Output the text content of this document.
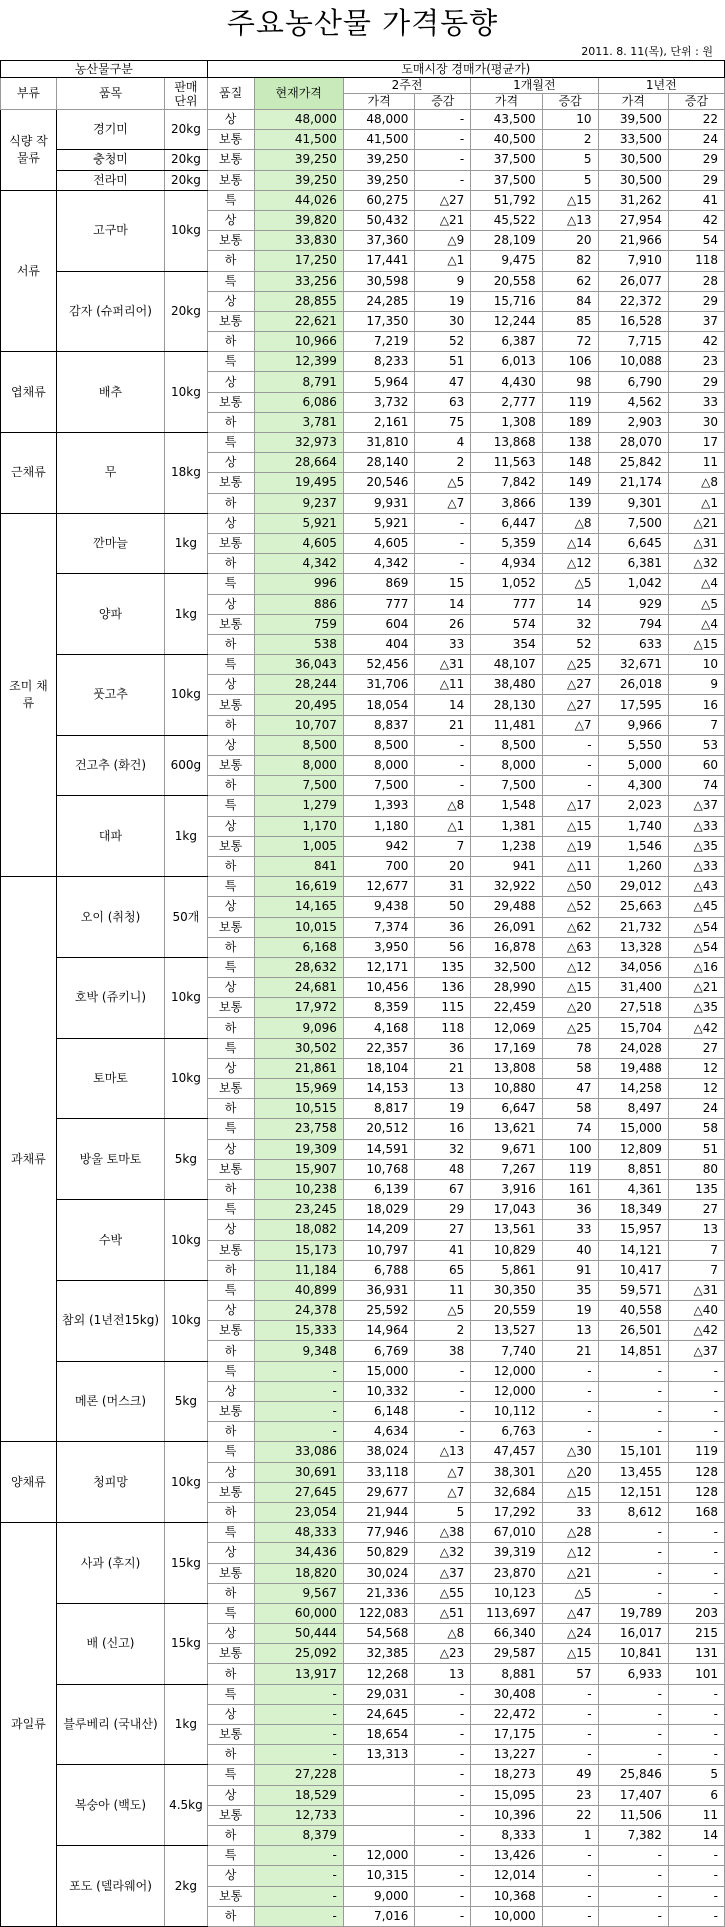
주요농산물 가격동향
2011. 8. 11(목), 단위 : 원
농산물구분			도매시장 경매가(평균가)							
부류	품목	판매 단위	품질	현재가격	2주전		1개월전		1년전	
					가격	증감	가격	증감	가격	증감
식량 작물류	경기미	20kg	상	48,000	48,000	-	43,500	10	39,500	22
			보통	41,500	41,500	-	40,500	2	33,500	24
	충청미	20kg	보통	39,250	39,250	-	37,500	5	30,500	29
	전라미	20kg	보통	39,250	39,250	-	37,500	5	30,500	29
서류	고구마	10kg	특	44,026	60,275	△27	51,792	△15	31,262	41
			상	39,820	50,432	△21	45,522	△13	27,954	42
			보통	33,830	37,360	△9	28,109	20	21,966	54
			하	17,250	17,441	△1	9,475	82	7,910	118
	감자 (슈퍼리어)	20kg	특	33,256	30,598	9	20,558	62	26,077	28
			상	28,855	24,285	19	15,716	84	22,372	29
			보통	22,621	17,350	30	12,244	85	16,528	37
			하	10,966	7,219	52	6,387	72	7,715	42
엽채류	배추	10kg	특	12,399	8,233	51	6,013	106	10,088	23
			상	8,791	5,964	47	4,430	98	6,790	29
			보통	6,086	3,732	63	2,777	119	4,562	33
			하	3,781	2,161	75	1,308	189	2,903	30
근채류	무	18kg	특	32,973	31,810	4	13,868	138	28,070	17
			상	28,664	28,140	2	11,563	148	25,842	11
			보통	19,495	20,546	△5	7,842	149	21,174	△8
			하	9,237	9,931	△7	3,866	139	9,301	△1
조미 채류	깐마늘	1kg	상	5,921	5,921	-	6,447	△8	7,500	△21
			보통	4,605	4,605	-	5,359	△14	6,645	△31
			하	4,342	4,342	-	4,934	△12	6,381	△32
	양파	1kg	특	996	869	15	1,052	△5	1,042	△4
			상	886	777	14	777	14	929	△5
			보통	759	604	26	574	32	794	△4
			하	538	404	33	354	52	633	△15
	풋고추	10kg	특	36,043	52,456	△31	48,107	△25	32,671	10
			상	28,244	31,706	△11	38,480	△27	26,018	9
			보통	20,495	18,054	14	28,130	△27	17,595	16
			하	10,707	8,837	21	11,481	△7	9,966	7
	건고추 (화건)	600g	상	8,500	8,500	-	8,500	-	5,550	53
			보통	8,000	8,000	-	8,000	-	5,000	60
			하	7,500	7,500	-	7,500	-	4,300	74
	대파	1kg	특	1,279	1,393	△8	1,548	△17	2,023	△37
			상	1,170	1,180	△1	1,381	△15	1,740	△33
			보통	1,005	942	7	1,238	△19	1,546	△35
			하	841	700	20	941	△11	1,260	△33
과채류	오이 (취청)	50개	특	16,619	12,677	31	32,922	△50	29,012	△43
			상	14,165	9,438	50	29,488	△52	25,663	△45
			보통	10,015	7,374	36	26,091	△62	21,732	△54
			하	6,168	3,950	56	16,878	△63	13,328	△54
	호박 (쥬키니)	10kg	특	28,632	12,171	135	32,500	△12	34,056	△16
			상	24,681	10,456	136	28,990	△15	31,400	△21
			보통	17,972	8,359	115	22,459	△20	27,518	△35
			하	9,096	4,168	118	12,069	△25	15,704	△42
	토마토	10kg	특	30,502	22,357	36	17,169	78	24,028	27
			상	21,861	18,104	21	13,808	58	19,488	12
			보통	15,969	14,153	13	10,880	47	14,258	12
			하	10,515	8,817	19	6,647	58	8,497	24
	방울 토마토	5kg	특	23,758	20,512	16	13,621	74	15,000	58
			상	19,309	14,591	32	9,671	100	12,809	51
			보통	15,907	10,768	48	7,267	119	8,851	80
			하	10,238	6,139	67	3,916	161	4,361	135
	수박	10kg	특	23,245	18,029	29	17,043	36	18,349	27
			상	18,082	14,209	27	13,561	33	15,957	13
			보통	15,173	10,797	41	10,829	40	14,121	7
			하	11,184	6,788	65	5,861	91	10,417	7
	참외 (1년전15kg)	10kg	특	40,899	36,931	11	30,350	35	59,571	△31
			상	24,378	25,592	△5	20,559	19	40,558	△40
			보통	15,333	14,964	2	13,527	13	26,501	△42
			하	9,348	6,769	38	7,740	21	14,851	△37
	메론 (머스크)	5kg	특	-	15,000	-	12,000	-	-	-
			상	-	10,332	-	12,000	-	-	-
			보통	-	6,148	-	10,112	-	-	-
			하	-	4,634	-	6,763	-	-	-
양채류	청피망	10kg	특	33,086	38,024	△13	47,457	△30	15,101	119
			상	30,691	33,118	△7	38,301	△20	13,455	128
			보통	27,645	29,677	△7	32,684	△15	12,151	128
			하	23,054	21,944	5	17,292	33	8,612	168
과일류	사과 (후지)	15kg	특	48,333	77,946	△38	67,010	△28	-	-
			상	34,436	50,829	△32	39,319	△12	-	-
			보통	18,820	30,024	△37	23,870	△21	-	-
			하	9,567	21,336	△55	10,123	△5	-	-
	배 (신고)	15kg	특	60,000	122,083	△51	113,697	△47	19,789	203
			상	50,444	54,568	△8	66,340	△24	16,017	215
			보통	25,092	32,385	△23	29,587	△15	10,841	131
			하	13,917	12,268	13	8,881	57	6,933	101
	블루베리 (국내산)	1kg	특	-	29,031	-	30,408	-	-	-
			상	-	24,645	-	22,472	-	-	-
			보통	-	18,654	-	17,175	-	-	-
			하	-	13,313	-	13,227	-	-	-
	복숭아 (백도)	4.5kg	특	27,228		-	18,273	49	25,846	5
			상	18,529		-	15,095	23	17,407	6
			보통	12,733		-	10,396	22	11,506	11
			하	8,379		-	8,333	1	7,382	14
	포도 (델라웨어)	2kg	특	-	12,000	-	13,426	-	-	-
			상	-	10,315	-	12,014	-	-	-
			보통	-	9,000	-	10,368	-	-	-
			하	-	7,016	-	10,000	-	-	-
